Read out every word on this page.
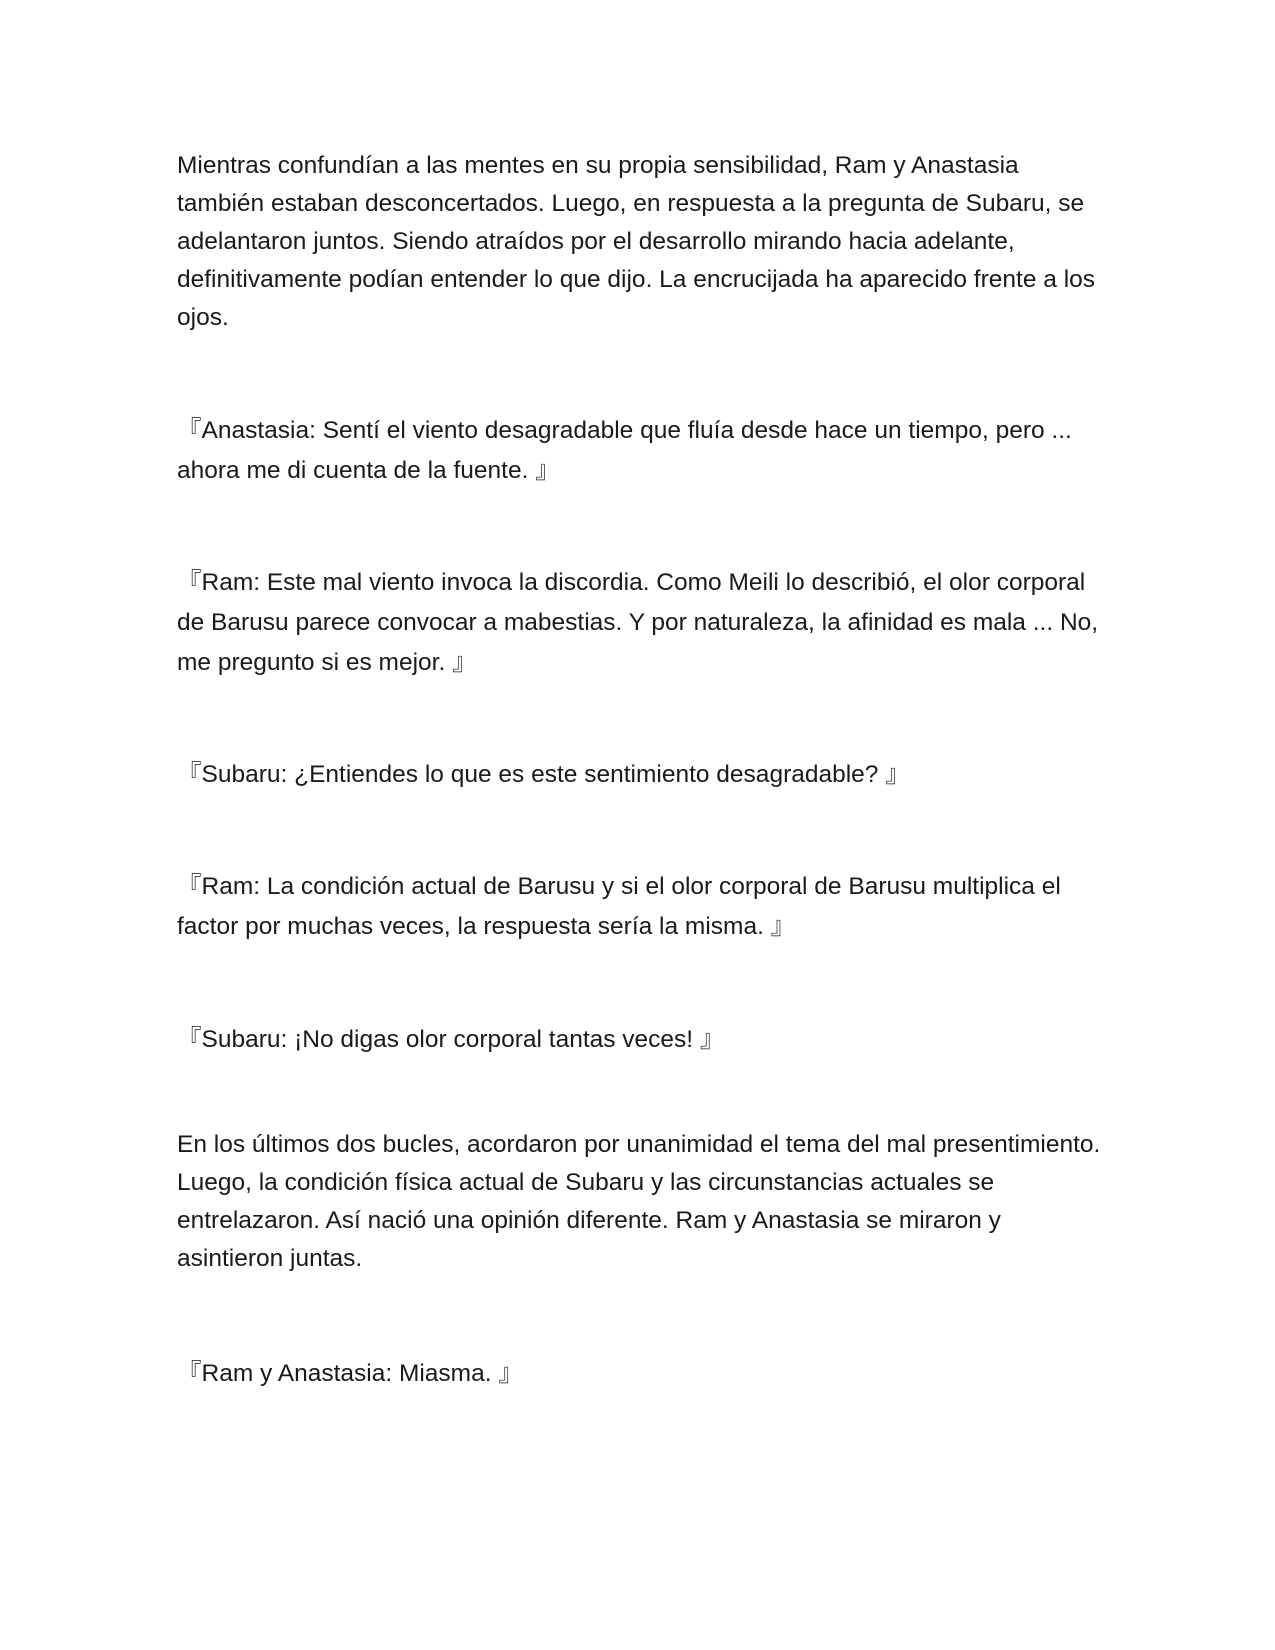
Mientras confundían a las mentes en su propia sensibilidad, Ram y Anastasia también estaban desconcertados. Luego, en respuesta a la pregunta de Subaru, se adelantaron juntos. Siendo atraídos por el desarrollo mirando hacia adelante, definitivamente podían entender lo que dijo. La encrucijada ha aparecido frente a los ojos.

『Anastasia: Sentí el viento desagradable que fluía desde hace un tiempo, pero ... ahora me di cuenta de la fuente. 』

『Ram: Este mal viento invoca la discordia. Como Meili lo describió, el olor corporal de Barusu parece convocar a mabestias. Y por naturaleza, la afinidad es mala ... No, me pregunto si es mejor. 』

『Subaru: ¿Entiendes lo que es este sentimiento desagradable? 』

『Ram: La condición actual de Barusu y si el olor corporal de Barusu multiplica el factor por muchas veces, la respuesta sería la misma. 』

『Subaru: ¡No digas olor corporal tantas veces! 』

En los últimos dos bucles, acordaron por unanimidad el tema del mal presentimiento. Luego, la condición física actual de Subaru y las circunstancias actuales se entrelazaron. Así nació una opinión diferente. Ram y Anastasia se miraron y asintieron juntas.

『Ram y Anastasia: Miasma. 』
